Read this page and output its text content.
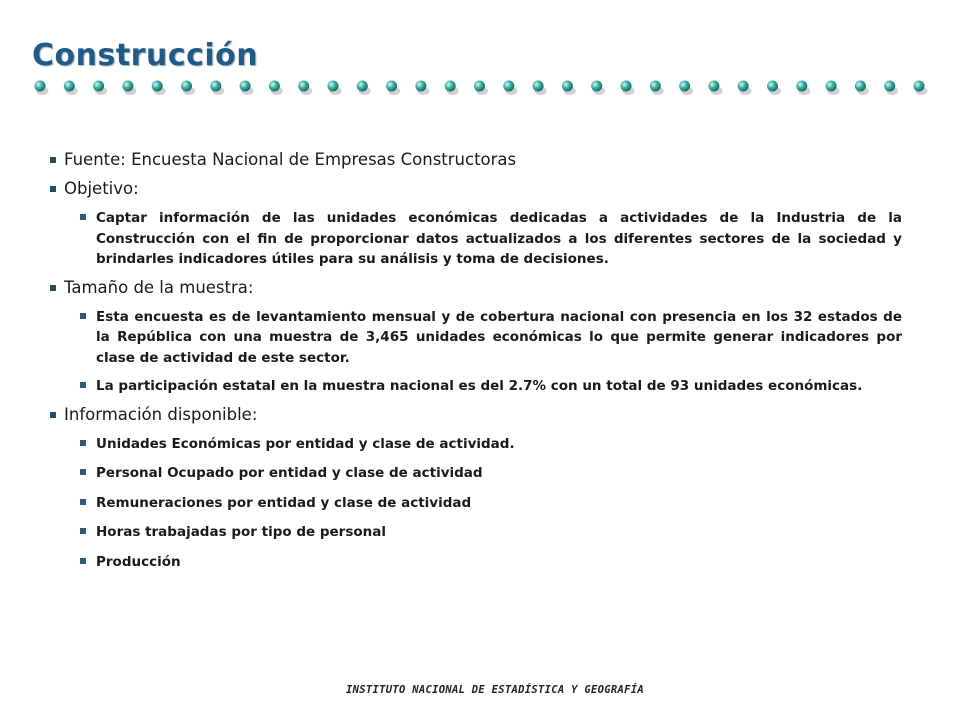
Construcción
Fuente: Encuesta Nacional de Empresas Constructoras
Objetivo:
Captar información de las unidades económicas dedicadas a actividades de la Industria de la Construcción con el fin de proporcionar datos actualizados a los diferentes sectores de la sociedad y brindarles indicadores útiles para su análisis y toma de decisiones.
Tamaño de la muestra:
Esta encuesta es de levantamiento mensual y de cobertura nacional con presencia en los 32 estados de la República con una muestra de 3,465 unidades económicas lo que permite generar indicadores por clase de actividad de este sector.
La participación estatal en la muestra nacional es del 2.7% con un total de 93 unidades económicas.
Información disponible:
Unidades Económicas por entidad y clase de actividad.
Personal Ocupado por entidad y clase de actividad
Remuneraciones por entidad y clase de actividad
Horas trabajadas por tipo de personal
Producción
INSTITUTO NACIONAL DE ESTADÍSTICA Y GEOGRAFÍA
